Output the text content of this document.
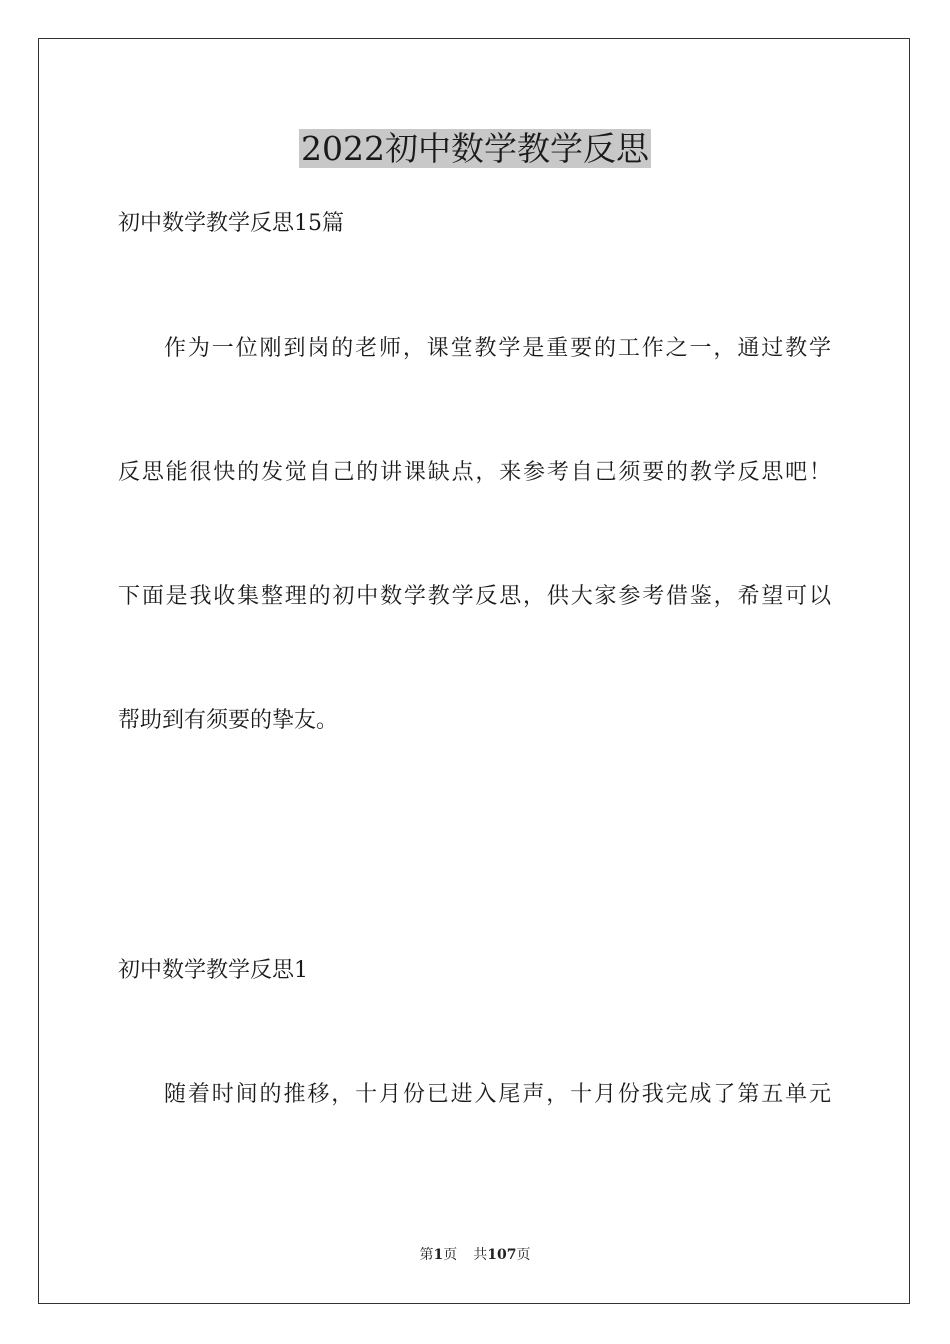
2022初中数学教学反思

初中数学教学反思15篇

作为一位刚到岗的老师，课堂教学是重要的工作之一，通过教学

反思能很快的发觉自己的讲课缺点，来参考自己须要的教学反思吧！

下面是我收集整理的初中数学教学反思，供大家参考借鉴，希望可以

帮助到有须要的挚友。

初中数学教学反思1

随着时间的推移，十月份已进入尾声，十月份我完成了第五单元

第1页 共107页
